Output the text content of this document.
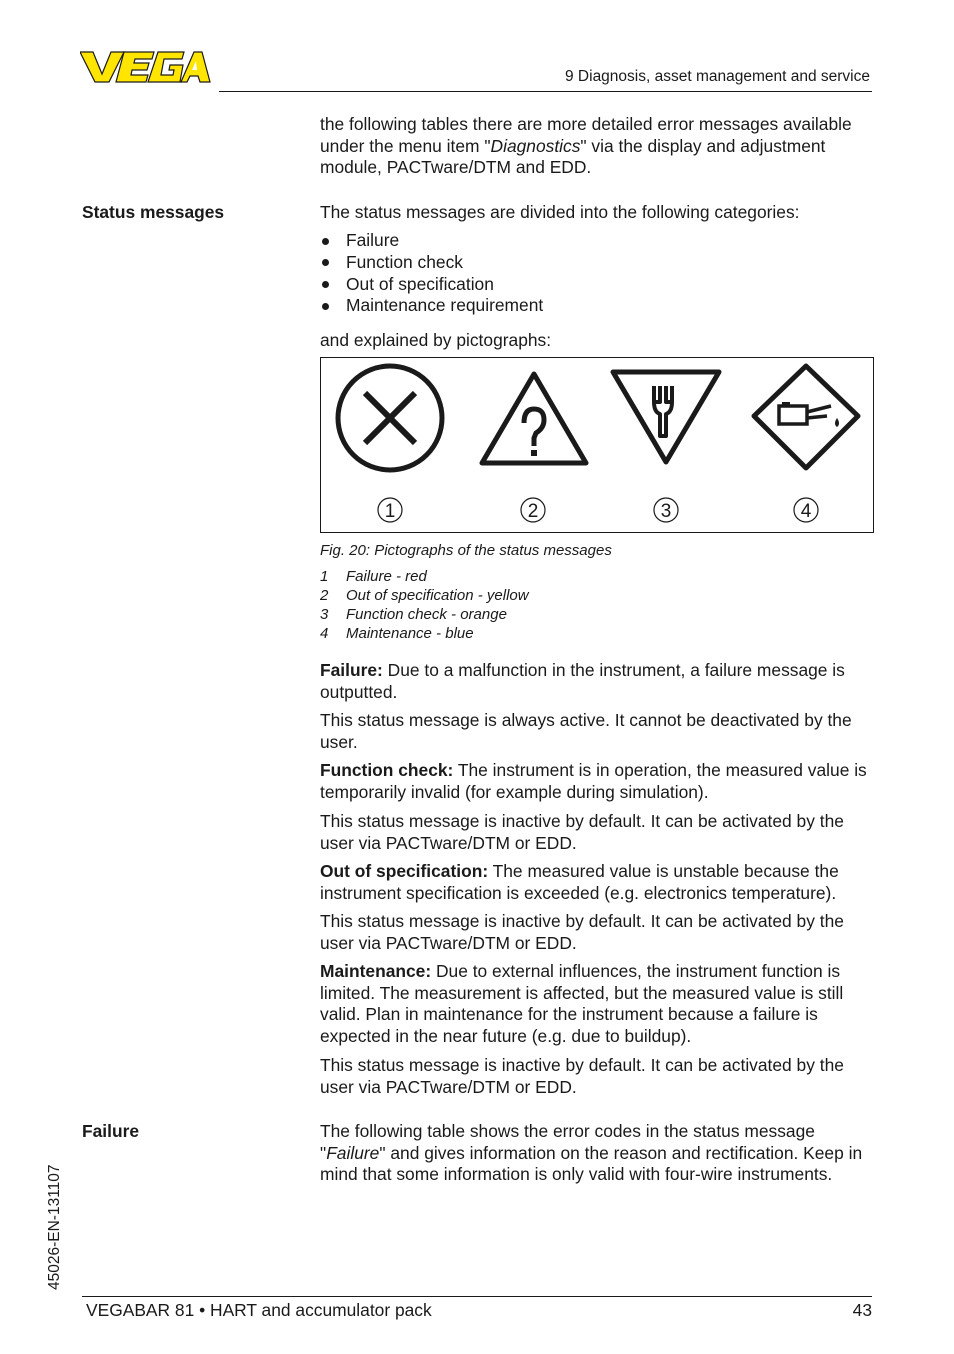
9 Diagnosis, asset management and service

the following tables there are more detailed error messages available under the menu item "Diagnostics" via the display and adjustment module, PACTware/DTM and EDD.

Status messages	The status messages are divided into the following categories:
Failure
Function check
Out of specification
Maintenance requirement
and explained by pictographs:
1	2	3	4
Fig. 20: Pictographs of the status messages
1 Failure - red
2 Out of specification - yellow
3 Function check - orange
4 Maintenance - blue

Failure: Due to a malfunction in the instrument, a failure message is outputted.

This status message is always active. It cannot be deactivated by the user.

Function check: The instrument is in operation, the measured value is temporarily invalid (for example during simulation).

This status message is inactive by default. It can be activated by the user via PACTware/DTM or EDD.

Out of specification: The measured value is unstable because the instrument specification is exceeded (e.g. electronics temperature).

This status message is inactive by default. It can be activated by the user via PACTware/DTM or EDD.

Maintenance: Due to external influences, the instrument function is limited. The measurement is affected, but the measured value is still valid. Plan in maintenance for the instrument because a failure is expected in the near future (e.g. due to buildup).

This status message is inactive by default. It can be activated by the user via PACTware/DTM or EDD.

Failure	The following table shows the error codes in the status message "Failure" and gives information on the reason and rectification. Keep in mind that some information is only valid with four-wire instruments.

45026-EN-131107
VEGABAR 81 • HART and accumulator pack	43
